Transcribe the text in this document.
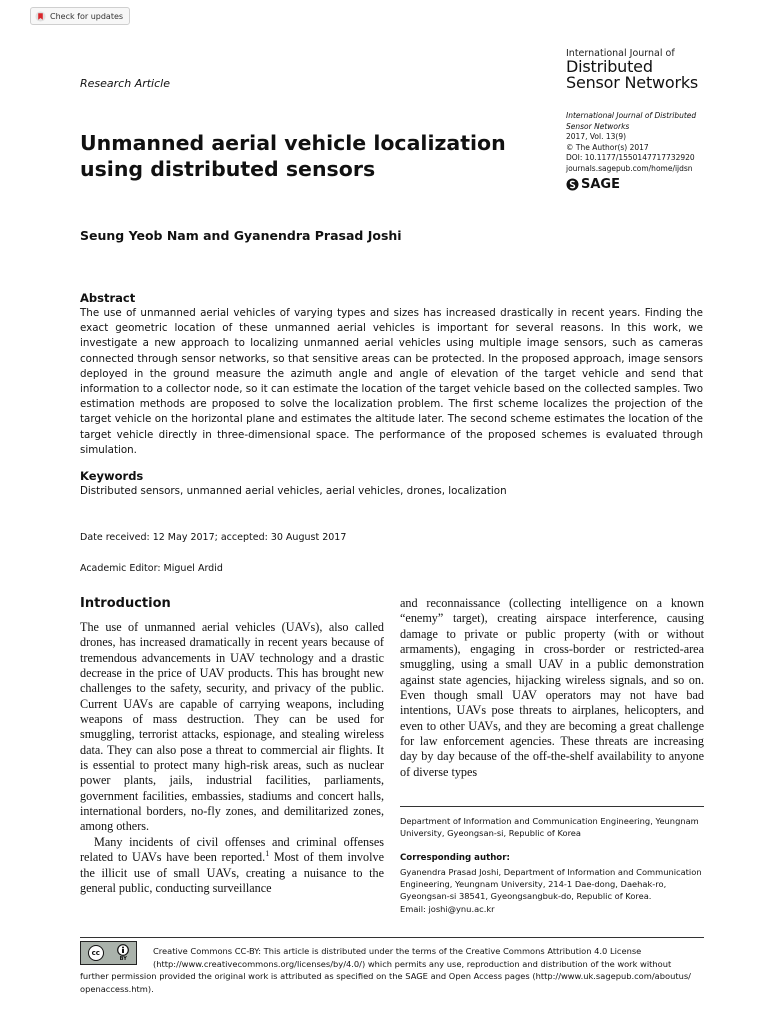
Check for updates
Research Article
International Journal of
Distributed
Sensor Networks
International Journal of Distributed
Sensor Networks
2017, Vol. 13(9)
© The Author(s) 2017
DOI: 10.1177/1550147717732920
journals.sagepub.com/home/ijdsn
SAGE
Unmanned aerial vehicle localization
using distributed sensors
Seung Yeob Nam and Gyanendra Prasad Joshi
Abstract
The use of unmanned aerial vehicles of varying types and sizes has increased drastically in recent years. Finding the exact geometric location of these unmanned aerial vehicles is important for several reasons. In this work, we investigate a new approach to localizing unmanned aerial vehicles using multiple image sensors, such as cameras connected through sensor networks, so that sensitive areas can be protected. In the proposed approach, image sensors deployed in the ground measure the azimuth angle and angle of elevation of the target vehicle and send that information to a collector node, so it can estimate the location of the target vehicle based on the collected samples. Two estimation methods are proposed to solve the localization problem. The first scheme localizes the projection of the target vehicle on the horizontal plane and estimates the altitude later. The second scheme estimates the location of the target vehicle directly in three-dimensional space. The performance of the proposed schemes is evaluated through simulation.
Keywords
Distributed sensors, unmanned aerial vehicles, aerial vehicles, drones, localization
Date received: 12 May 2017; accepted: 30 August 2017
Academic Editor: Miguel Ardid
Introduction

The use of unmanned aerial vehicles (UAVs), also called drones, has increased dramatically in recent years because of tremendous advancements in UAV technology and a drastic decrease in the price of UAV products. This has brought new challenges to the safety, security, and privacy of the public. Current UAVs are capable of carrying weapons, including weapons of mass destruction. They can be used for smuggling, terrorist attacks, espionage, and stealing wireless data. They can also pose a threat to commercial air flights. It is essential to protect many high-risk areas, such as nuclear power plants, jails, industrial facilities, parliaments, government facilities, embassies, stadiums and concert halls, international borders, no-fly zones, and demilitarized zones, among others.

Many incidents of civil offenses and criminal offenses related to UAVs have been reported.$^1$ Most of them involve the illicit use of small UAVs, creating a nuisance to the general public, conducting surveillance

and reconnaissance (collecting intelligence on a known “enemy” target), creating airspace interference, causing damage to private or public property (with or without armaments), engaging in cross-border or restricted-area smuggling, using a small UAV in a public demonstration against state agencies, hijacking wireless signals, and so on. Even though small UAV operators may not have bad intentions, UAVs pose threats to airplanes, helicopters, and even to other UAVs, and they are becoming a great challenge for law enforcement agencies. These threats are increasing day by day because of the off-the-shelf availability to anyone of diverse types
Department of Information and Communication Engineering, Yeungnam University, Gyeongsan-si, Republic of Korea
Corresponding author:
Gyanendra Prasad Joshi, Department of Information and Communication
Engineering, Yeungnam University, 214-1 Dae-dong, Daehak-ro,
Gyeongsan-si 38541, Gyeongsangbuk-do, Republic of Korea.
Email: joshi@ynu.ac.kr
cc
BY
Creative Commons CC-BY: This article is distributed under the terms of the Creative Commons Attribution 4.0 License
(http://www.creativecommons.org/licenses/by/4.0/) which permits any use, reproduction and distribution of the work without
further permission provided the original work is attributed as specified on the SAGE and Open Access pages (http://www.uk.sagepub.com/aboutus/
openaccess.htm).
